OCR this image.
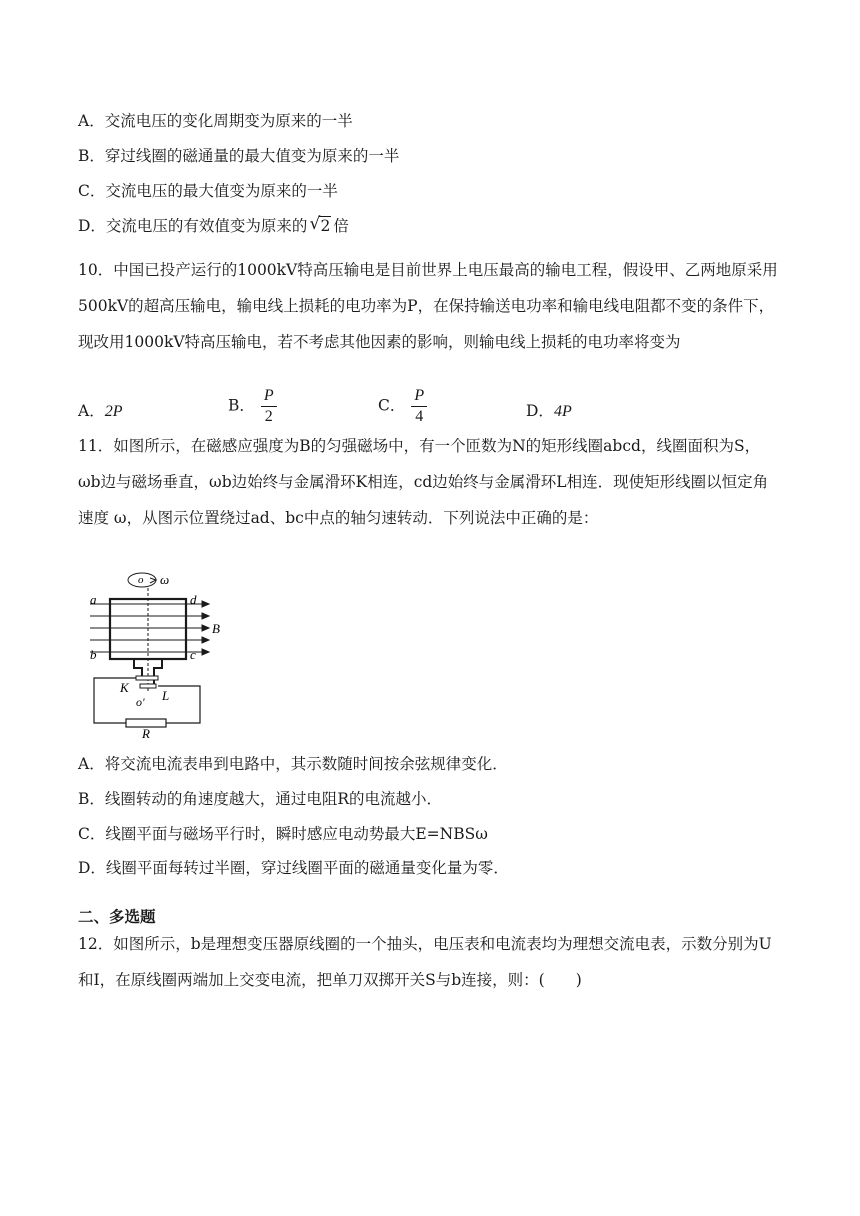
A．交流电压的变化周期变为原来的一半
B．穿过线圈的磁通量的最大值变为原来的一半
C．交流电压的最大值变为原来的一半
D．交流电压的有效值变为原来的 √ 2 倍
10．中国已投产运行的1000kV特高压输电是目前世界上电压最高的输电工程，假设甲、乙两地原采用500kV的超高压输电，输电线上损耗的电功率为P，在保持输送电功率和输电线电阻都不变的条件下，现改用1000kV特高压输电，若不考虑其他因素的影响，则输电线上损耗的电功率将变为
A．2P	B． $\frac{P}{2}$	C． $\frac{P}{4}$	D．4P
11．如图所示，在磁感应强度为B的匀强磁场中，有一个匝数为N的矩形线圈abcd，线圈面积为S，ωb边与磁场垂直，ωb边始终与金属滑环K相连，cd边始终与金属滑环L相连．现使矩形线圈以恒定角速度 ω，从图示位置绕过ad、bc中点的轴匀速转动．下列说法中正确的是：
o ω
a	d
B
b	c
K
L
o'
R
A．将交流电流表串到电路中，其示数随时间按余弦规律变化．
B．线圈转动的角速度越大，通过电阻R的电流越小．
C．线圈平面与磁场平行时，瞬时感应电动势最大E=NBSω
D．线圈平面每转过半圈，穿过线圈平面的磁通量变化量为零．
二、多选题
12．如图所示，b是理想变压器原线圈的一个抽头，电压表和电流表均为理想交流电表，示数分别为U和I，在原线圈两端加上交变电流，把单刀双掷开关S与b连接，则：(　　)
